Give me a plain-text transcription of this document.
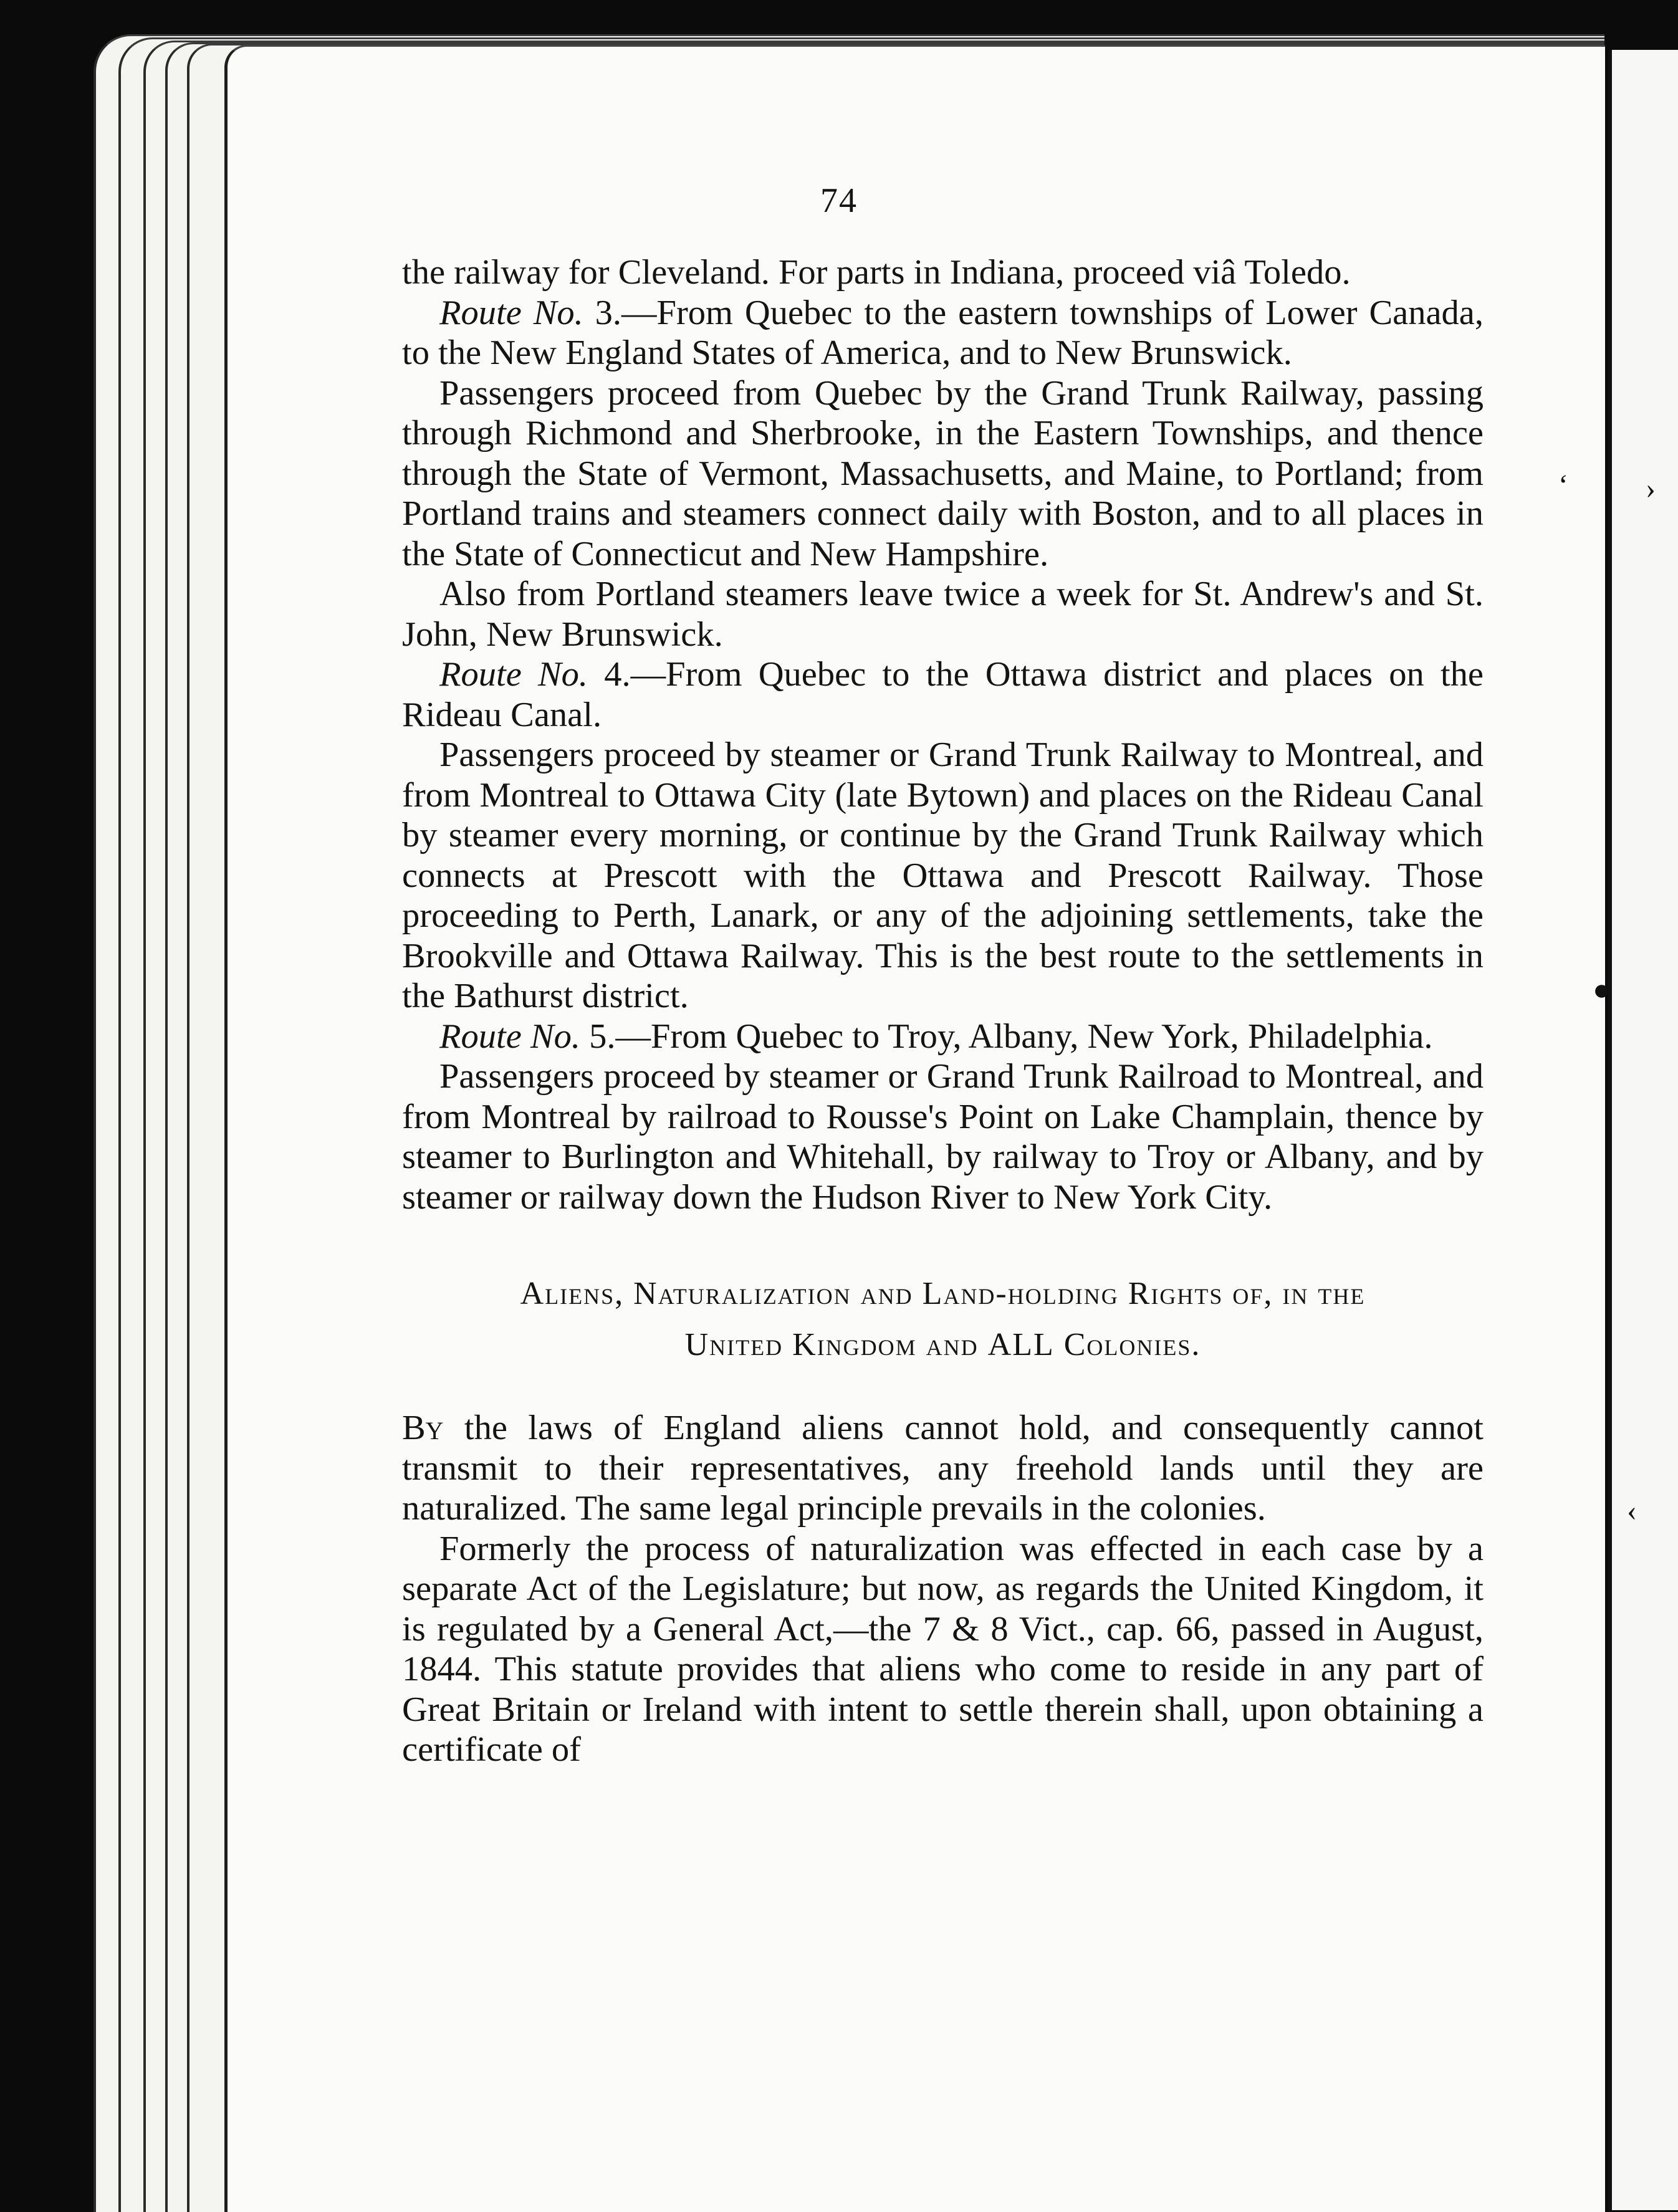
‘	›
●
‹
74

the railway for Cleveland. For parts in Indiana, proceed viâ Toledo.

Route No. 3.—From Quebec to the eastern townships of Lower Canada, to the New England States of America, and to New Brunswick.

Passengers proceed from Quebec by the Grand Trunk Railway, passing through Richmond and Sherbrooke, in the Eastern Townships, and thence through the State of Vermont, Massachusetts, and Maine, to Portland; from Portland trains and steamers connect daily with Boston, and to all places in the State of Connecticut and New Hampshire.

Also from Portland steamers leave twice a week for St. Andrew's and St. John, New Brunswick.

Route No. 4.—From Quebec to the Ottawa district and places on the Rideau Canal.

Passengers proceed by steamer or Grand Trunk Railway to Montreal, and from Montreal to Ottawa City (late Bytown) and places on the Rideau Canal by steamer every morning, or continue by the Grand Trunk Railway which connects at Prescott with the Ottawa and Prescott Railway. Those proceeding to Perth, Lanark, or any of the adjoining settlements, take the Brookville and Ottawa Railway. This is the best route to the settlements in the Bathurst district.

Route No. 5.—From Quebec to Troy, Albany, New York, Philadelphia.

Passengers proceed by steamer or Grand Trunk Railroad to Montreal, and from Montreal by railroad to Rousse's Point on Lake Champlain, thence by steamer to Burlington and Whitehall, by railway to Troy or Albany, and by steamer or railway down the Hudson River to New York City.

Aliens, Naturalization and Land-holding Rights of, in the
United Kingdom and ALL Colonies.

By the laws of England aliens cannot hold, and consequently cannot transmit to their representatives, any freehold lands until they are naturalized. The same legal principle prevails in the colonies.

Formerly the process of naturalization was effected in each case by a separate Act of the Legislature; but now, as regards the United Kingdom, it is regulated by a General Act,—the 7 & 8 Vict., cap. 66, passed in August, 1844. This statute provides that aliens who come to reside in any part of Great Britain or Ireland with intent to settle therein shall, upon obtaining a certificate of
